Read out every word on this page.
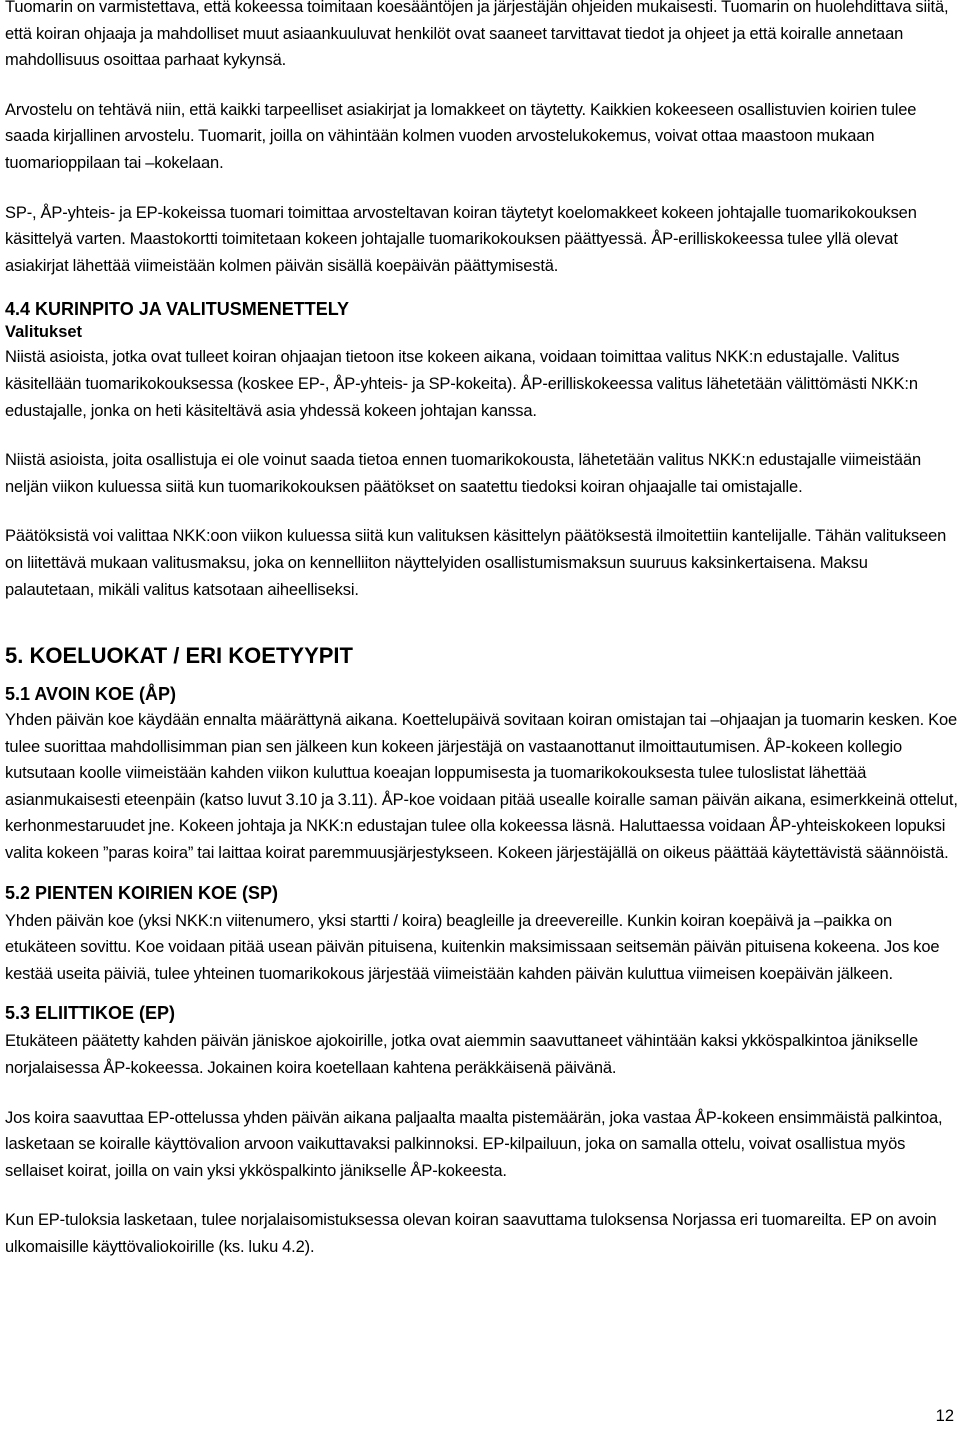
Tuomarin on varmistettava, että kokeessa toimitaan koesääntöjen ja järjestäjän ohjeiden mukaisesti. Tuomarin on huolehdittava siitä, että koiran ohjaaja ja mahdolliset muut asiaankuuluvat henkilöt ovat saaneet tarvittavat tiedot ja ohjeet ja että koiralle annetaan mahdollisuus osoittaa parhaat kykynsä.

Arvostelu on tehtävä niin, että kaikki tarpeelliset asiakirjat ja lomakkeet on täytetty. Kaikkien kokeeseen osallistuvien koirien tulee saada kirjallinen arvostelu. Tuomarit, joilla on vähintään kolmen vuoden arvostelukokemus, voivat ottaa maastoon mukaan tuomarioppilaan tai –kokelaan.

SP-, ÅP-yhteis- ja EP-kokeissa tuomari toimittaa arvosteltavan koiran täytetyt koelomakkeet kokeen johtajalle tuomarikokouksen käsittelyä varten. Maastokortti toimitetaan kokeen johtajalle tuomarikokouksen päättyessä. ÅP-erilliskokeessa tulee yllä olevat asiakirjat lähettää viimeistään kolmen päivän sisällä koepäivän päättymisestä.

4.4 KURINPITO JA VALITUSMENETTELY
Valitukset

Niistä asioista, jotka ovat tulleet koiran ohjaajan tietoon itse kokeen aikana, voidaan toimittaa valitus NKK:n edustajalle. Valitus käsitellään tuomarikokouksessa (koskee EP-, ÅP-yhteis- ja SP-kokeita). ÅP-erilliskokeessa valitus lähetetään välittömästi NKK:n edustajalle, jonka on heti käsiteltävä asia yhdessä kokeen johtajan kanssa.

Niistä asioista, joita osallistuja ei ole voinut saada tietoa ennen tuomarikokousta, lähetetään valitus NKK:n edustajalle viimeistään neljän viikon kuluessa siitä kun tuomarikokouksen päätökset on saatettu tiedoksi koiran ohjaajalle tai omistajalle.

Päätöksistä voi valittaa NKK:oon viikon kuluessa siitä kun valituksen käsittelyn päätöksestä ilmoitettiin kantelijalle. Tähän valitukseen on liitettävä mukaan valitusmaksu, joka on kennelliiton näyttelyiden osallistumismaksun suuruus kaksinkertaisena. Maksu palautetaan, mikäli valitus katsotaan aiheelliseksi.

5. KOELUOKAT / ERI KOETYYPIT
5.1 AVOIN KOE (ÅP)

Yhden päivän koe käydään ennalta määrättynä aikana. Koettelupäivä sovitaan koiran omistajan tai –ohjaajan ja tuomarin kesken. Koe tulee suorittaa mahdollisimman pian sen jälkeen kun kokeen järjestäjä on vastaanottanut ilmoittautumisen. ÅP-kokeen kollegio kutsutaan koolle viimeistään kahden viikon kuluttua koeajan loppumisesta ja tuomarikokouksesta tulee tuloslistat lähettää asianmukaisesti eteenpäin (katso luvut 3.10 ja 3.11). ÅP-koe voidaan pitää usealle koiralle saman päivän aikana, esimerkkeinä ottelut, kerhonmestaruudet jne. Kokeen johtaja ja NKK:n edustajan tulee olla kokeessa läsnä. Haluttaessa voidaan ÅP-yhteiskokeen lopuksi valita kokeen ”paras koira” tai laittaa koirat paremmuusjärjestykseen. Kokeen järjestäjällä on oikeus päättää käytettävistä säännöistä.

5.2 PIENTEN KOIRIEN KOE (SP)

Yhden päivän koe (yksi NKK:n viitenumero, yksi startti / koira) beagleille ja dreevereille. Kunkin koiran koepäivä ja –paikka on etukäteen sovittu. Koe voidaan pitää usean päivän pituisena, kuitenkin maksimissaan seitsemän päivän pituisena kokeena. Jos koe kestää useita päiviä, tulee yhteinen tuomarikokous järjestää viimeistään kahden päivän kuluttua viimeisen koepäivän jälkeen.

5.3 ELIITTIKOE (EP)

Etukäteen päätetty kahden päivän jäniskoe ajokoirille, jotka ovat aiemmin saavuttaneet vähintään kaksi ykköspalkintoa jänikselle norjalaisessa ÅP-kokeessa. Jokainen koira koetellaan kahtena peräkkäisenä päivänä.

Jos koira saavuttaa EP-ottelussa yhden päivän aikana paljaalta maalta pistemäärän, joka vastaa ÅP-kokeen ensimmäistä palkintoa, lasketaan se koiralle käyttövalion arvoon vaikuttavaksi palkinnoksi. EP-kilpailuun, joka on samalla ottelu, voivat osallistua myös sellaiset koirat, joilla on vain yksi ykköspalkinto jänikselle ÅP-kokeesta.

Kun EP-tuloksia lasketaan, tulee norjalaisomistuksessa olevan koiran saavuttama tuloksensa Norjassa eri tuomareilta. EP on avoin ulkomaisille käyttövaliokoirille (ks. luku 4.2).

12
